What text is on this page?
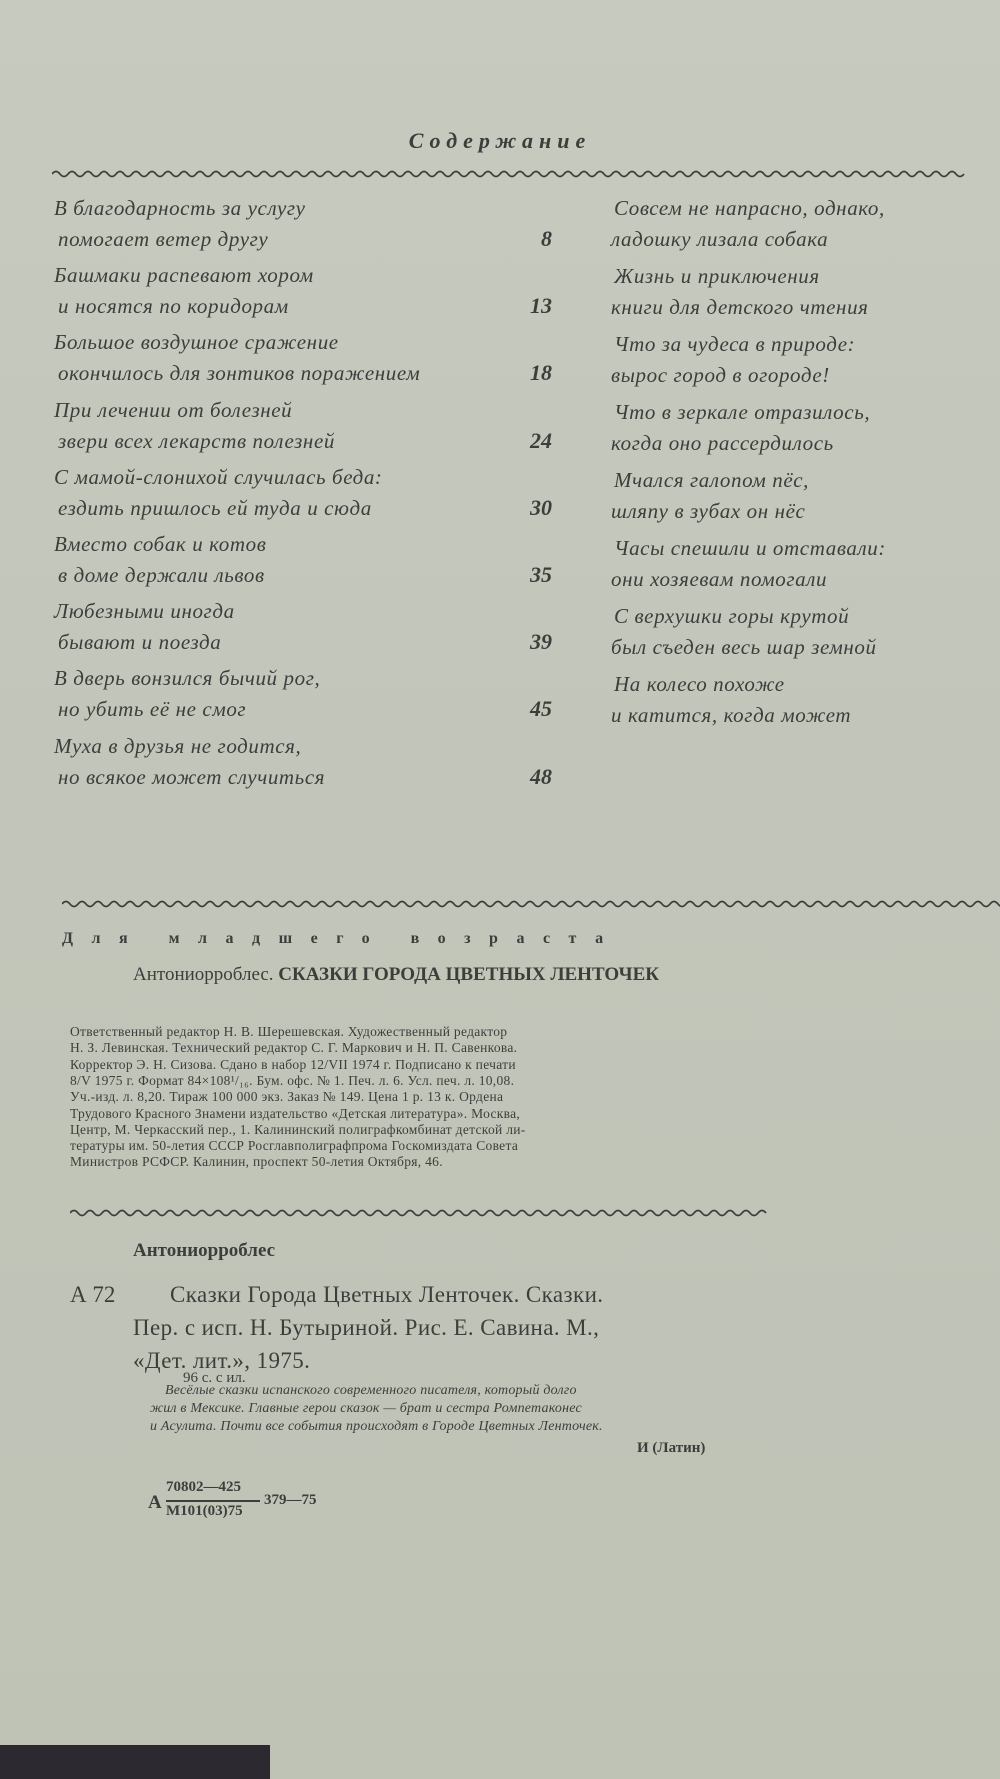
Содержание
В благодарность за услугу
помогает ветер другу	8
Башмаки распевают хором
и носятся по коридорам	13
Большое воздушное сражение
окончилось для зонтиков поражением	18
При лечении от болезней
звери всех лекарств полезней	24
С мамой-слонихой случилась беда:
ездить пришлось ей туда и сюда	30
Вместо собак и котов
в доме держали львов	35
Любезными иногда
бывают и поезда	39
В дверь вонзился бычий рог,
но убить её не смог	45
Муха в друзья не годится,
но всякое может случиться	48
Совсем не напрасно, однако,
ладошку лизала собака
Жизнь и приключения
книги для детского чтения
Что за чудеса в природе:
вырос город в огороде!
Что в зеркале отразилось,
когда оно рассердилось
Мчался галопом пёс,
шляпу в зубах он нёс
Часы спешили и отставали:
они хозяевам помогали
С верхушки горы крутой
был съеден весь шар земной
На колесо похоже
и катится, когда может
Для младшего возраста
Антониорроблес. СКАЗКИ ГОРОДА ЦВЕТНЫХ ЛЕНТОЧЕК
Ответственный редактор Н. В. Шерешевская. Художественный редактор
Н. З. Левинская. Технический редактор С. Г. Маркович и Н. П. Савенкова.
Корректор Э. Н. Сизова. Сдано в набор 12/VII 1974 г. Подписано к печати
8/V 1975 г. Формат 84×108¹/₁₆. Бум. офс. № 1. Печ. л. 6. Усл. печ. л. 10,08.
Уч.-изд. л. 8,20. Тираж 100 000 экз. Заказ № 149. Цена 1 р. 13 к. Ордена
Трудового Красного Знамени издательство «Детская литература». Москва,
Центр, М. Черкасский пер., 1. Калининский полиграфкомбинат детской ли-
тературы им. 50-летия СССР Росглавполиграфпрома Госкомиздата Совета
Министров РСФСР. Калинин, проспект 50-летия Октября, 46.
Антониорроблес
А 72 Сказки Города Цветных Ленточек. Сказки.
Пер. с исп. Н. Бутыриной. Рис. Е. Савина. М.,
«Дет. лит.», 1975.
96 с. с ил.
Весёлые сказки испанского современного писателя, который долго
жил в Мексике. Главные герои сказок — брат и сестра Ромпетаконес
и Асулита. Почти все события происходят в Городе Цветных Ленточек.
И (Латин)
А
70802—425
М101(03)75
379—75
